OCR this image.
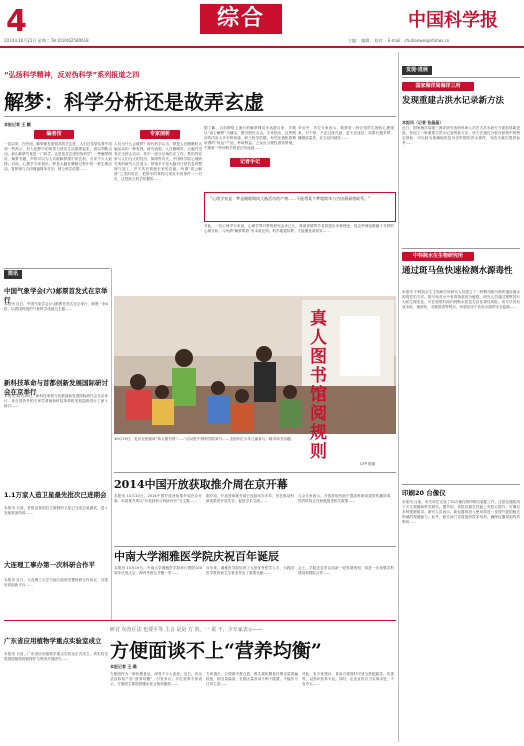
4	综合	中国科学报
2014年10月21日 星期二 Tel:(010)62580618	主编： 编辑： 校对： E-mail：chutianwei@stimes.cn
“弘扬科学精神，反对伪科学”系列报道之四
解梦：科学分析还是故弄玄虚
本报记者 王 鹏
编者按
一直以来，在民间，解梦都有着很高的关注度，人们总希望从梦中找到一些预示，有人把梦中的场景与现实生活联系起来，借以判断吉凶。那么解梦究竟是一门科学，还是故弄玄虚的伪科学？一些解梦网站、解梦书籍，声称可以为人们破解梦境中的玄机，引来不少人追捧。对此，心理学专家指出，梦是大脑在睡眠过程中的一种生理活动。将梦境与吉凶祸福简单对应，缺乏科学依据……
专家剖析
人们为什么会做梦？现代科学认为，梦是人在睡眠时大脑活动的一种表现。研究表明，人在睡眠时，大脑并没有完全停止活动，其中一部分区域仍在工作。梦的内容常与人们白天的经历、情绪等有关。中国科学院心理研究所的研究人员表示，梦境多半是大脑对日常信息的整理与加工，并不具有预测未来的功能。所谓“周公解梦”之类的说法，把梦中的事物与现实中的事件一一对应，这是缺乏科学依据的……
据了解，目前网络上流行的解梦网站多达数百家，多数以“周公解梦”为噱头，吸引网民点击。专家指出，这些网站的内容大多东拼西凑，缺乏科学依据。有的还借机推销所谓的“转运”产品，牟取利益。公众应当理性看待梦境，不要被一些伪科学的说法所迷惑……
记者手记
采访中，多位专家表示，做梦是一种正常的生理和心理现象。对于梦，不必过度在意，更不必迷信。如果长期多梦、睡眠质量差，应当及时就医……
“心理学家是：梦是睡眠期间大脑活动的产物……不能将某个梦境简单与吉凶祸福相联系。”
对此，一位心理学专家说，心理学界对梦的研究由来已久，弗洛伊德等学者曾提出多种理论，但这些理论都属于对梦的心理分析，与所谓“解梦算命”有本质区别。科学地看待梦，才能避免被误导……
简讯
中国气象学会(六)邮票首发式在京举行
本报讯 近日，中国气象学会(六)邮票首发式在京举行，邮票一套4枚，以我国传统的气象科学成就为主题……
新科技革命与首都创新发展国际研讨会在京举行
本报讯 10月18日，新科技革命与首都创新发展国际研讨会在京举行，来自国内外的专家学者就新科技革命的发展趋势进行了深入研讨……
1.1万家人造卫星最先批次已进期会
本报讯 日前，首批由我国自主研制的卫星已完成总装测试，进入发射准备阶段……
大连理工事办第一次科研合作平
本报讯 近日，大连理工大学与地方政府签署科研合作协议，共建协同创新平台……
广东省应用植物学重点实验室成立
本报讯 日前，广东省应用植物学重点实验室正式成立，该实验室将围绕植物资源保护与利用开展研究……
真人图书馆阅规则
10月19日，北京全民阅读”真人图书馆“……”活动在中国科学院举行……全国多位少年儿童参与，畅享读书乐趣。
CFP 供图
2014中国开放获取推介周在京开幕
本报讯 10月20日，2014中国开放获取推介周在京开幕，本届推介周以“开放获取与科研评价”为主题……
据介绍，开放获取推介周已连续举办多年，旨在推动科研成果的开放共享，促进学术交流……
与会专家表示，开放获取有助于提高科研成果的传播效率，国内机构正在积极推进相关政策……
中南大学湘雅医学院庆祝百年诞辰
本报讯 10月19日，中南大学湘雅医学院举行建院100周年庆祝大会，海内外校友齐聚一堂……
百年来，湘雅医学院培养了大批优秀医学人才，为我国医学教育和卫生事业作出了重要贡献……
会上，学院还宣布启动新一轮发展规划，将进一步加强学科建设和国际合作……
研讨 东营区法 也要平等 主会 是是 方 的。一 说 不，少专家表示——
方便面谈不上“营养均衡”
本报记者 王 璐
方便面作为一种快捷食品，深受不少人喜爱。近日，有企业宣称其产品“营养均衡”，引发争议。多位营养专家表示，方便面主要提供碳水化合物和脂肪……
专家指出，方便面中蛋白质、维生素和膳食纤维含量普遍较低，钠含量偏高，长期大量食用不利于健康，不能作为日常主食……
对此，有专家建议，食用方便面时可适当搭配蔬菜、鸡蛋等，以弥补营养不足。同时，企业宣传应当实事求是，不宜夸大……
发现·进展
国家海洋局海洋三所
发现重建古洪水记录新方法
本报讯（记者 张晶晶）
近日，国家海洋局第三海洋研究所的科研人员在古洪水研究方面取得新进展，发现了一种重建古洪水记录的新方法。该方法通过分析沉积物中的特定指标，可以较为准确地恢复历史时期的洪水事件，为防灾减灾提供参考……
中科院水生生物研究所
通过斑马鱼快速检测水源毒性
本报讯 中科院水生生物研究所研究人员建立了一种利用斑马鱼快速检测水源毒性的方法。斑马鱼对水中有毒物质较为敏感，研究人员通过观察其行为和生理变化，可在较短时间内判断水质是否存在毒性风险。该方法具有成本低、速度快、灵敏度高等特点，有望应用于饮用水源的安全监测……
印刷20 台像仪
本报讯 日前，有关单位完成了20台像仪的印刷与装配工作，这批仪器将用于天文观测和科学研究。据介绍，该批仪器在性能上有较大提升，可满足多种观测需求。研究人员表示，新仪器的投入使用将进一步提升我国相关领域的观测能力。此外，相关部门还将组织技术培训，确保仪器得到有效利用……
